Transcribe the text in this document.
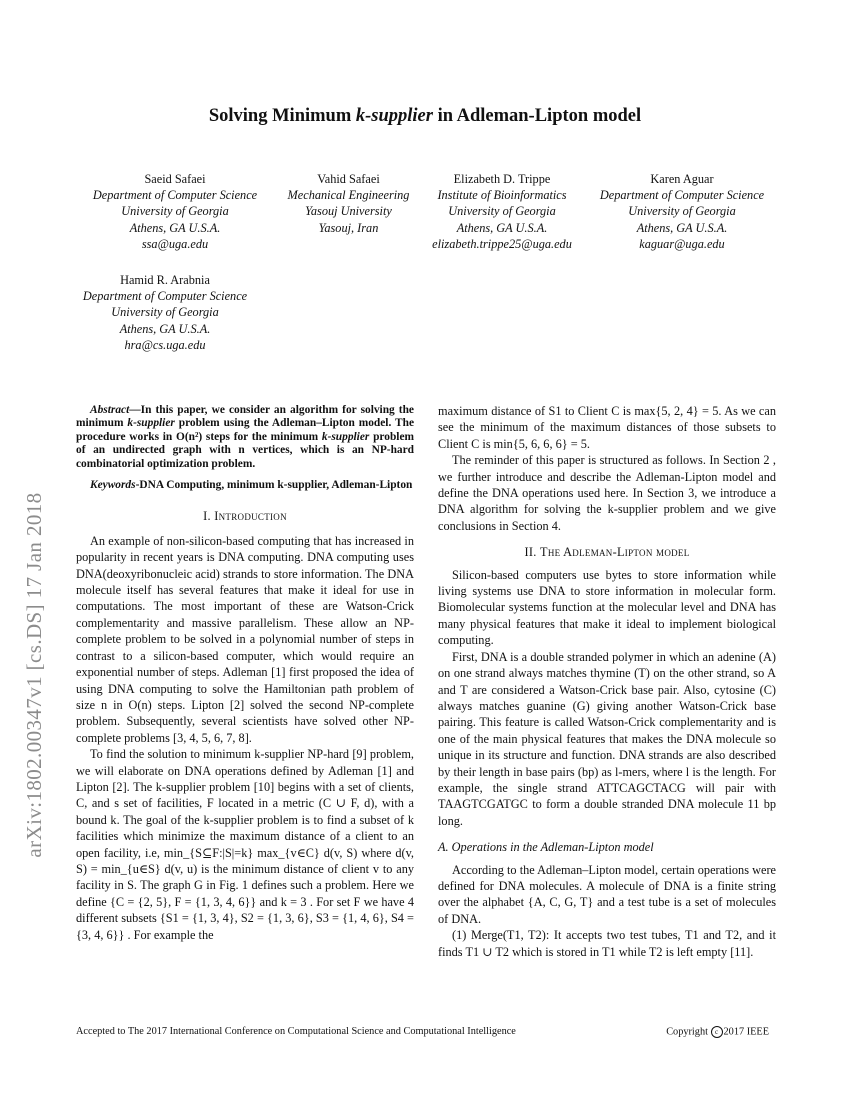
arXiv:1802.00347v1 [cs.DS] 17 Jan 2018
Solving Minimum k-supplier in Adleman-Lipton model
Saeid Safaei
Department of Computer Science
University of Georgia
Athens, GA U.S.A.
ssa@uga.edu
Vahid Safaei
Mechanical Engineering
Yasouj University
Yasouj, Iran
Elizabeth D. Trippe
Institute of Bioinformatics
University of Georgia
Athens, GA U.S.A.
elizabeth.trippe25@uga.edu
Karen Aguar
Department of Computer Science
University of Georgia
Athens, GA U.S.A.
kaguar@uga.edu
Hamid R. Arabnia
Department of Computer Science
University of Georgia
Athens, GA U.S.A.
hra@cs.uga.edu
Abstract—In this paper, we consider an algorithm for solving the minimum k-supplier problem using the Adleman–Lipton model. The procedure works in O(n²) steps for the minimum k-supplier problem of an undirected graph with n vertices, which is an NP-hard combinatorial optimization problem.
Keywords-DNA Computing, minimum k-supplier, Adleman-Lipton
I. Introduction

An example of non-silicon-based computing that has increased in popularity in recent years is DNA computing. DNA computing uses DNA(deoxyribonucleic acid) strands to store information. The DNA molecule itself has several features that make it ideal for use in computations. The most important of these are Watson-Crick complementarity and massive parallelism. These allow an NP-complete problem to be solved in a polynomial number of steps in contrast to a silicon-based computer, which would require an exponential number of steps. Adleman [1] first proposed the idea of using DNA computing to solve the Hamiltonian path problem of size n in O(n) steps. Lipton [2] solved the second NP-complete problem. Subsequently, several scientists have solved other NP-complete problems [3, 4, 5, 6, 7, 8].

To find the solution to minimum k-supplier NP-hard [9] problem, we will elaborate on DNA operations defined by Adleman [1] and Lipton [2]. The k-supplier problem [10] begins with a set of clients, C, and s set of facilities, F located in a metric (C ∪ F, d), with a bound k. The goal of the k-supplier problem is to find a subset of k facilities which minimize the maximum distance of a client to an open facility, i.e, min_{S⊆F:|S|=k} max_{v∈C} d(v, S) where d(v, S) = min_{u∈S} d(v, u) is the minimum distance of client v to any facility in S. The graph G in Fig. 1 defines such a problem. Here we define {C = {2, 5}, F = {1, 3, 4, 6}} and k = 3 . For set F we have 4 different subsets {S1 = {1, 3, 4}, S2 = {1, 3, 6}, S3 = {1, 4, 6}, S4 = {3, 4, 6}} . For example the

maximum distance of S1 to Client C is max{5, 2, 4} = 5. As we can see the minimum of the maximum distances of those subsets to Client C is min{5, 6, 6, 6} = 5.

The reminder of this paper is structured as follows. In Section 2 , we further introduce and describe the Adleman-Lipton model and define the DNA operations used here. In Section 3, we introduce a DNA algorithm for solving the k-supplier problem and we give conclusions in Section 4.

II. The Adleman-Lipton model

Silicon-based computers use bytes to store information while living systems use DNA to store information in molecular form. Biomolecular systems function at the molecular level and DNA has many physical features that make it ideal to implement biological computing.

First, DNA is a double stranded polymer in which an adenine (A) on one strand always matches thymine (T) on the other strand, so A and T are considered a Watson-Crick base pair. Also, cytosine (C) always matches guanine (G) giving another Watson-Crick base pairing. This feature is called Watson-Crick complementarity and is one of the main physical features that makes the DNA molecule so unique in its structure and function. DNA strands are also described by their length in base pairs (bp) as l-mers, where l is the length. For example, the single strand ATTCAGCTACG will pair with TAAGTCGATGC to form a double stranded DNA molecule 11 bp long.

A. Operations in the Adleman-Lipton model

According to the Adleman–Lipton model, certain operations were defined for DNA molecules. A molecule of DNA is a finite string over the alphabet {A, C, G, T} and a test tube is a set of molecules of DNA.

(1) Merge(T1, T2): It accepts two test tubes, T1 and T2, and it finds T1 ∪ T2 which is stored in T1 while T2 is left empty [11].

Accepted to The 2017 International Conference on Computational Science and Computational Intelligence	Copyright c 2017 IEEE
